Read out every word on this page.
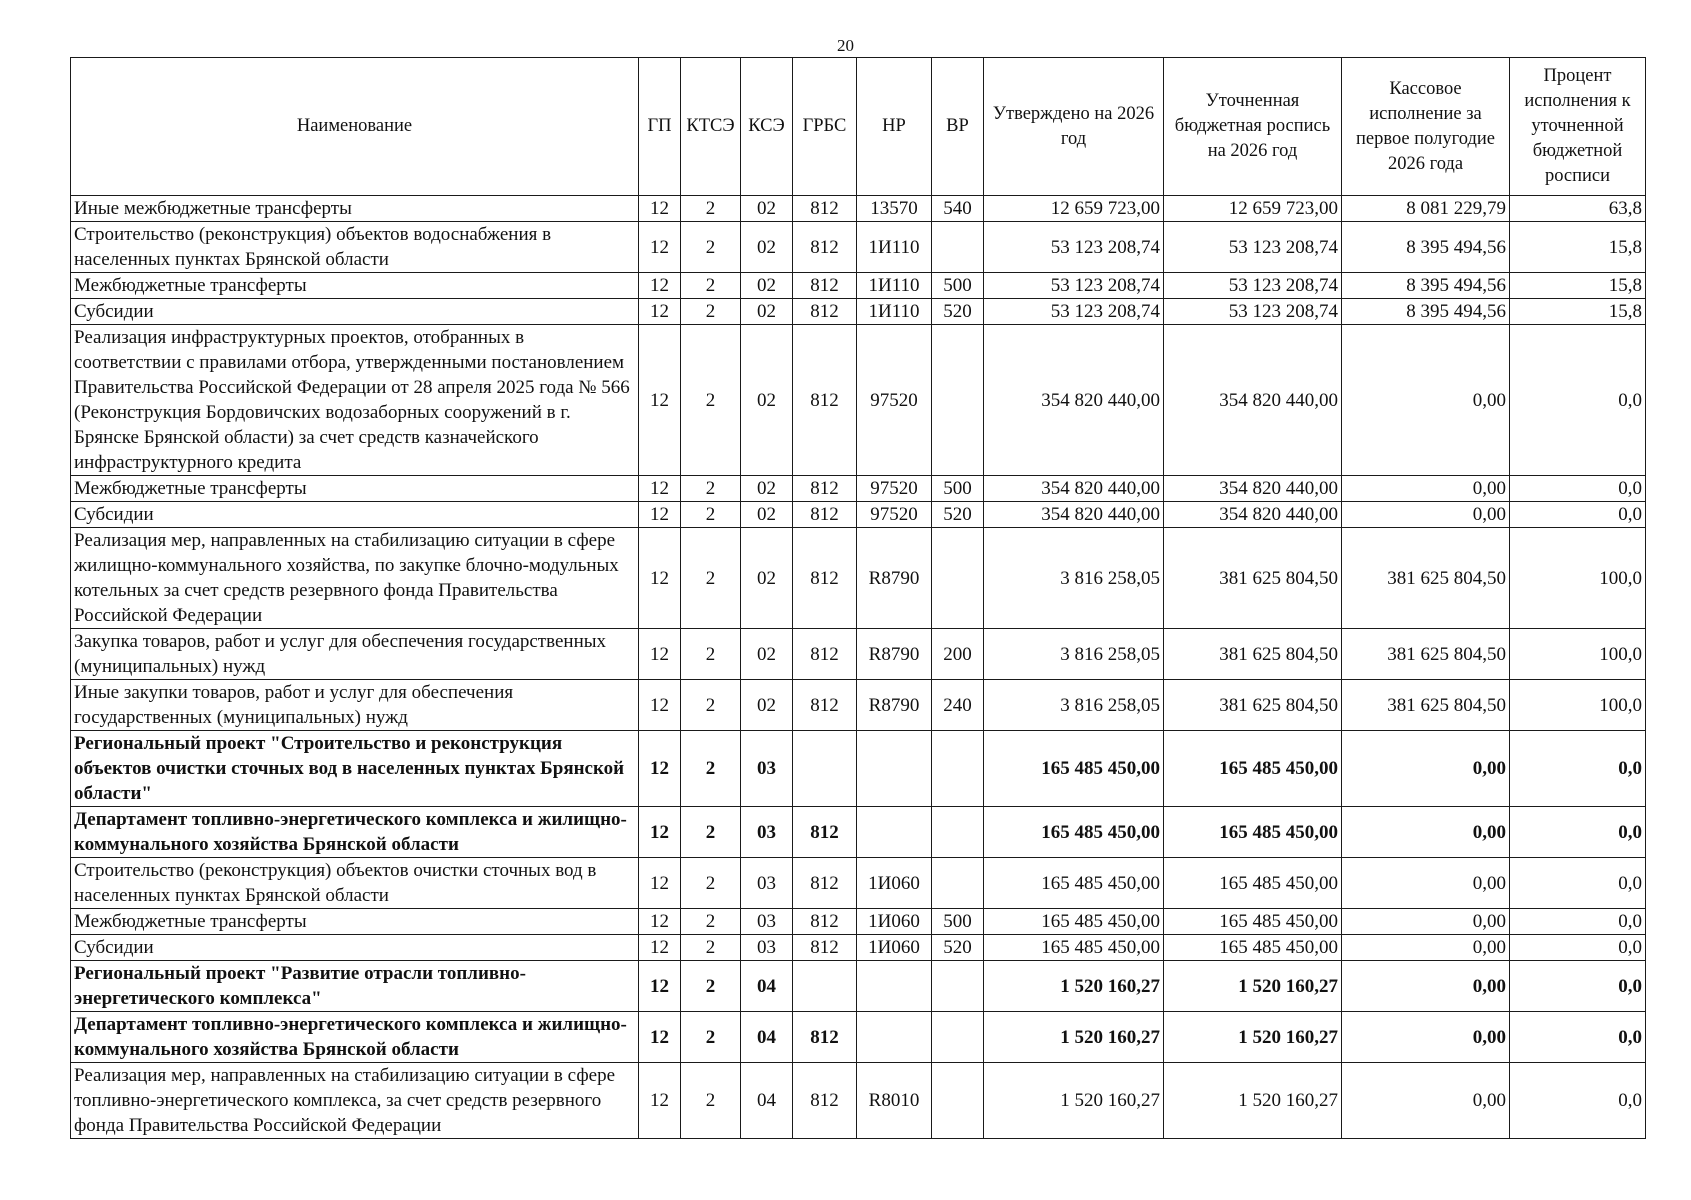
20
Наименование	ГП	КТСЭ	КСЭ	ГРБС	НР	ВР	Утверждено на 2026 год	Уточненная бюджетная роспись на 2026 год	Кассовое исполнение за первое полугодие 2026 года	Процент исполнения к уточненной бюджетной росписи
Иные межбюджетные трансферты	12	2	02	812	13570	540	12 659 723,00	12 659 723,00	8 081 229,79	63,8
Строительство (реконструкция) объектов водоснабжения в населенных пунктах Брянской области	12	2	02	812	1И110		53 123 208,74	53 123 208,74	8 395 494,56	15,8
Межбюджетные трансферты	12	2	02	812	1И110	500	53 123 208,74	53 123 208,74	8 395 494,56	15,8
Субсидии	12	2	02	812	1И110	520	53 123 208,74	53 123 208,74	8 395 494,56	15,8
Реализация инфраструктурных проектов, отобранных в соответствии с правилами отбора, утвержденными постановлением Правительства Российской Федерации от 28 апреля 2025 года № 566 (Реконструкция Бордовичских водозаборных сооружений в г. Брянске Брянской области) за счет средств казначейского инфраструктурного кредита	12	2	02	812	97520		354 820 440,00	354 820 440,00	0,00	0,0
Межбюджетные трансферты	12	2	02	812	97520	500	354 820 440,00	354 820 440,00	0,00	0,0
Субсидии	12	2	02	812	97520	520	354 820 440,00	354 820 440,00	0,00	0,0
Реализация мер, направленных на стабилизацию ситуации в сфере жилищно-коммунального хозяйства, по закупке блочно-модульных котельных за счет средств резервного фонда Правительства Российской Федерации	12	2	02	812	R8790		3 816 258,05	381 625 804,50	381 625 804,50	100,0
Закупка товаров, работ и услуг для обеспечения государственных (муниципальных) нужд	12	2	02	812	R8790	200	3 816 258,05	381 625 804,50	381 625 804,50	100,0
Иные закупки товаров, работ и услуг для обеспечения государственных (муниципальных) нужд	12	2	02	812	R8790	240	3 816 258,05	381 625 804,50	381 625 804,50	100,0
Региональный проект "Строительство и реконструкция объектов очистки сточных вод в населенных пунктах Брянской области"	12	2	03				165 485 450,00	165 485 450,00	0,00	0,0
Департамент топливно-энергетического комплекса и жилищно-коммунального хозяйства Брянской области	12	2	03	812			165 485 450,00	165 485 450,00	0,00	0,0
Строительство (реконструкция) объектов очистки сточных вод в населенных пунктах Брянской области	12	2	03	812	1И060		165 485 450,00	165 485 450,00	0,00	0,0
Межбюджетные трансферты	12	2	03	812	1И060	500	165 485 450,00	165 485 450,00	0,00	0,0
Субсидии	12	2	03	812	1И060	520	165 485 450,00	165 485 450,00	0,00	0,0
Региональный проект "Развитие отрасли топливно-энергетического комплекса"	12	2	04				1 520 160,27	1 520 160,27	0,00	0,0
Департамент топливно-энергетического комплекса и жилищно-коммунального хозяйства Брянской области	12	2	04	812			1 520 160,27	1 520 160,27	0,00	0,0
Реализация мер, направленных на стабилизацию ситуации в сфере топливно-энергетического комплекса, за счет средств резервного фонда Правительства Российской Федерации	12	2	04	812	R8010		1 520 160,27	1 520 160,27	0,00	0,0
